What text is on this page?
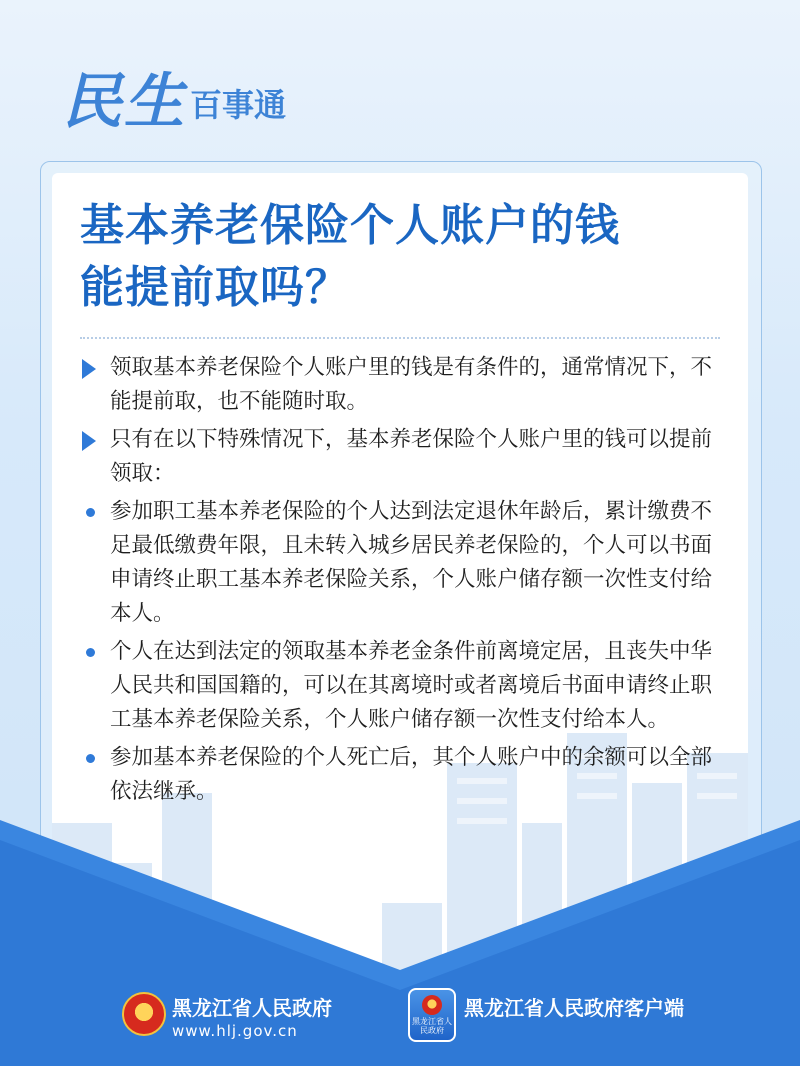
民生 百事通
基本养老保险个人账户的钱
能提前取吗？
领取基本养老保险个人账户里的钱是有条件的，通常情况下，不能提前取，也不能随时取。
只有在以下特殊情况下，基本养老保险个人账户里的钱可以提前领取：
参加职工基本养老保险的个人达到法定退休年龄后，累计缴费不足最低缴费年限，且未转入城乡居民养老保险的，个人可以书面申请终止职工基本养老保险关系，个人账户储存额一次性支付给本人。
个人在达到法定的领取基本养老金条件前离境定居，且丧失中华人民共和国国籍的，可以在其离境时或者离境后书面申请终止职工基本养老保险关系，个人账户储存额一次性支付给本人。
参加基本养老保险的个人死亡后，其个人账户中的余额可以全部依法继承。
黑龙江省人民政府
www.hlj.gov.cn
黑龙江省人民政府
黑龙江省人民政府客户端
